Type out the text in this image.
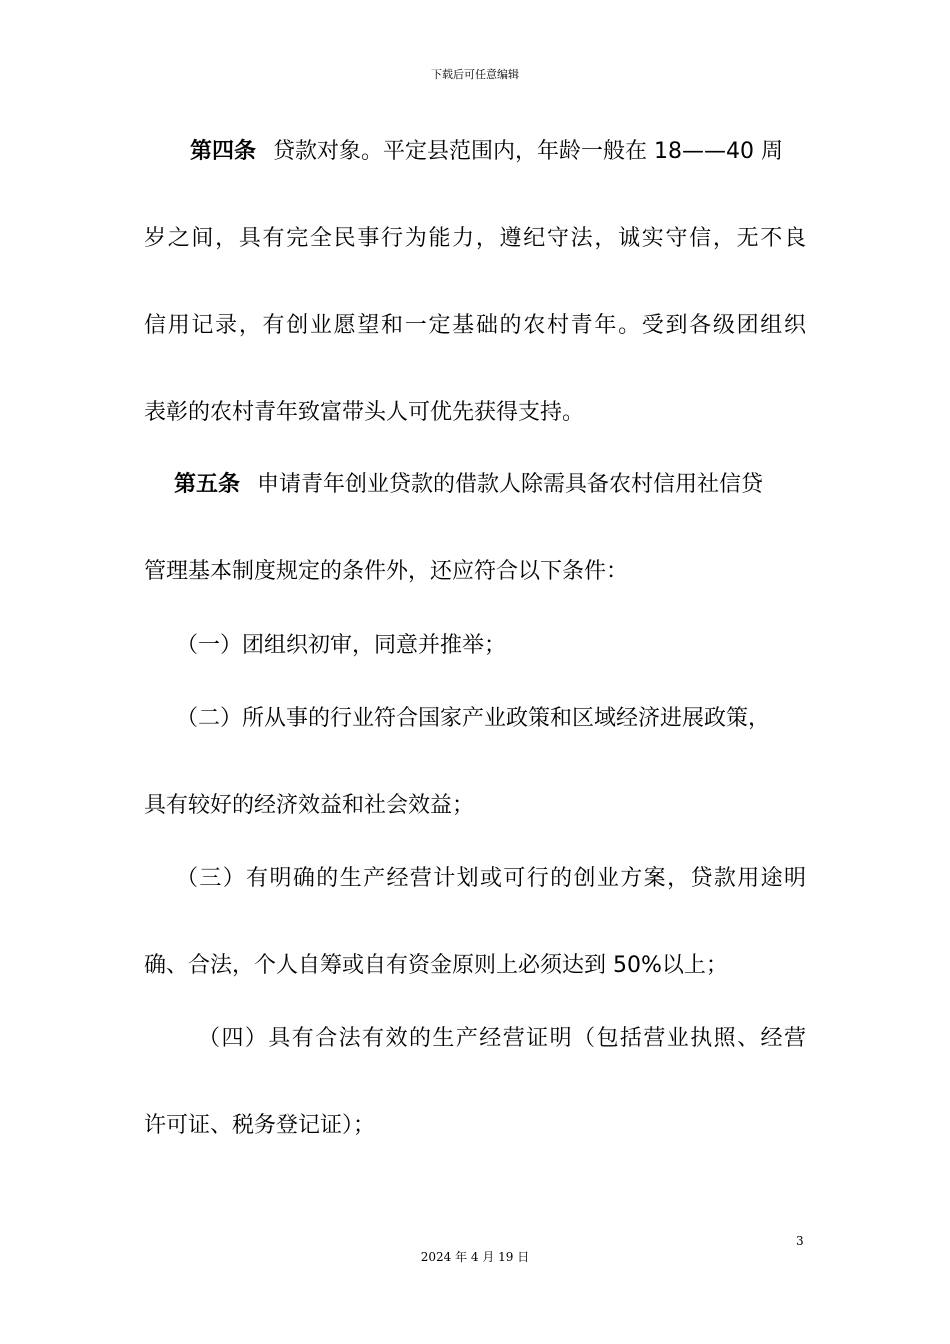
下载后可任意编辑
第四条 贷款对象。平定县范围内，年龄一般在 18——40 周
岁之间，具有完全民事行为能力，遵纪守法，诚实守信，无不良
信用记录，有创业愿望和一定基础的农村青年。受到各级团组织
表彰的农村青年致富带头人可优先获得支持。
第五条 申请青年创业贷款的借款人除需具备农村信用社信贷
管理基本制度规定的条件外，还应符合以下条件：
（一）团组织初审，同意并推举；
（二）所从事的行业符合国家产业政策和区域经济进展政策，
具有较好的经济效益和社会效益；
（三）有明确的生产经营计划或可行的创业方案，贷款用途明
确、合法，个人自筹或自有资金原则上必须达到 50%以上；
（四）具有合法有效的生产经营证明（包括营业执照、经营
许可证、税务登记证）；
3
2024 年 4 月 19 日
